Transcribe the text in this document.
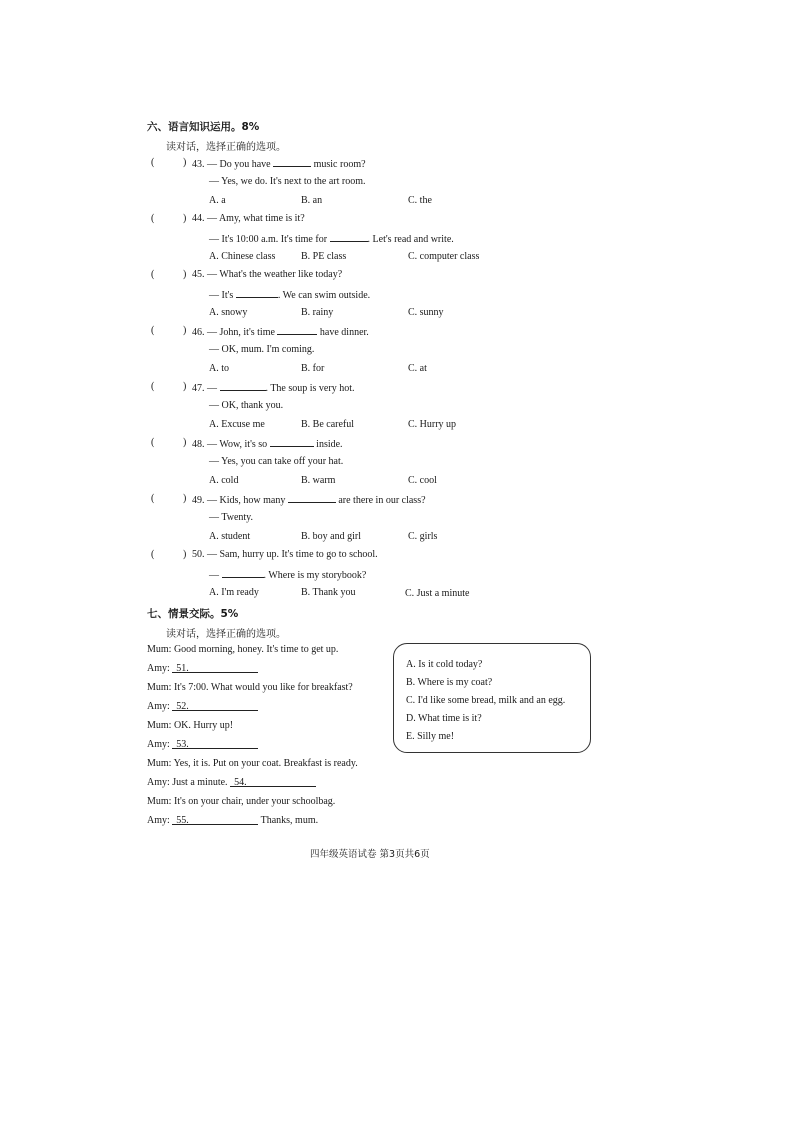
六、语言知识运用。8%
读对话，选择正确的选项。
(	) 43. — Do you have	music room?
— Yes, we do. It's next to the art room.
A. a	B. an	C. the
(	) 44. — Amy, what time is it?
— It's 10:00 a.m. It's time for	. Let's read and write.
A. Chinese class	B. PE class	C. computer class
(	) 45. — What's the weather like today?
— It's	. We can swim outside.
A. snowy	B. rainy	C. sunny
(	) 46. — John, it's time	have dinner.
— OK, mum. I'm coming.
A. to	B. for	C. at
(	) 47. —	. The soup is very hot.
— OK, thank you.
A. Excuse me	B. Be careful	C. Hurry up
(	) 48. — Wow, it's so	inside.
— Yes, you can take off your hat.
A. cold	B. warm	C. cool
(	) 49. — Kids, how many	are there in our class?
— Twenty.
A. student	B. boy and girl	C. girls
(	) 50. — Sam, hurry up. It's time to go to school.
—	. Where is my storybook?
A. I'm ready	B. Thank you	C. Just a minute
七、情景交际。5%
读对话，选择正确的选项。
Mum: Good morning, honey. It's time to get up.
Amy: 51.
Mum: It's 7:00. What would you like for breakfast?
Amy: 52.
Mum: OK. Hurry up!
Amy: 53.
Mum: Yes, it is. Put on your coat. Breakfast is ready.
Amy: Just a minute. 54.
Mum: It's on your chair, under your schoolbag.
Amy: 55.	Thanks, mum.
A. Is it cold today?
B. Where is my coat?
C. I'd like some bread, milk and an egg.
D. What time is it?
E. Silly me!
四年级英语试卷 第3页共6页
